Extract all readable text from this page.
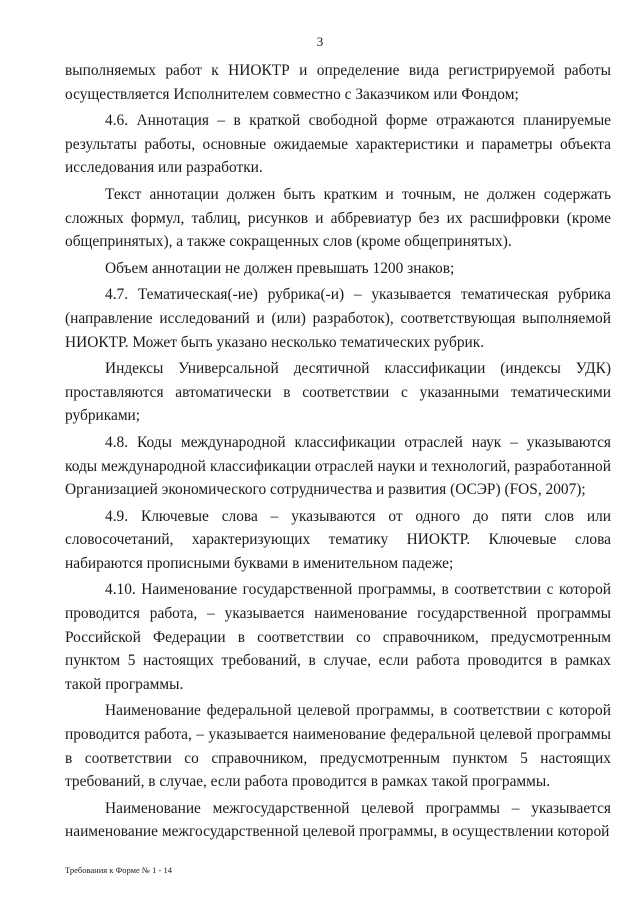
3

выполняемых работ к НИОКТР и определение вида регистрируемой работы осуществляется Исполнителем совместно с Заказчиком или Фондом;

4.6. Аннотация – в краткой свободной форме отражаются планируемые результаты работы, основные ожидаемые характеристики и параметры объекта исследования или разработки.

Текст аннотации должен быть кратким и точным, не должен содержать сложных формул, таблиц, рисунков и аббревиатур без их расшифровки (кроме общепринятых), а также сокращенных слов (кроме общепринятых).

Объем аннотации не должен превышать 1200 знаков;

4.7. Тематическая(-ие) рубрика(-и) – указывается тематическая рубрика (направление исследований и (или) разработок), соответствующая выполняемой НИОКТР. Может быть указано несколько тематических рубрик.

Индексы Универсальной десятичной классификации (индексы УДК) проставляются автоматически в соответствии с указанными тематическими рубриками;

4.8. Коды международной классификации отраслей наук – указываются коды международной классификации отраслей науки и технологий, разработанной Организацией экономического сотрудничества и развития (ОСЭР) (FOS, 2007);

4.9. Ключевые слова – указываются от одного до пяти слов или словосочетаний, характеризующих тематику НИОКТР. Ключевые слова набираются прописными буквами в именительном падеже;

4.10. Наименование государственной программы, в соответствии с которой проводится работа, – указывается наименование государственной программы Российской Федерации в соответствии со справочником, предусмотренным пунктом 5 настоящих требований, в случае, если работа проводится в рамках такой программы.

Наименование федеральной целевой программы, в соответствии с которой проводится работа, – указывается наименование федеральной целевой программы в соответствии со справочником, предусмотренным пунктом 5 настоящих требований, в случае, если работа проводится в рамках такой программы.

Наименование межгосударственной целевой программы – указывается наименование межгосударственной целевой программы, в осуществлении которой

Требования к Форме № 1 - 14
